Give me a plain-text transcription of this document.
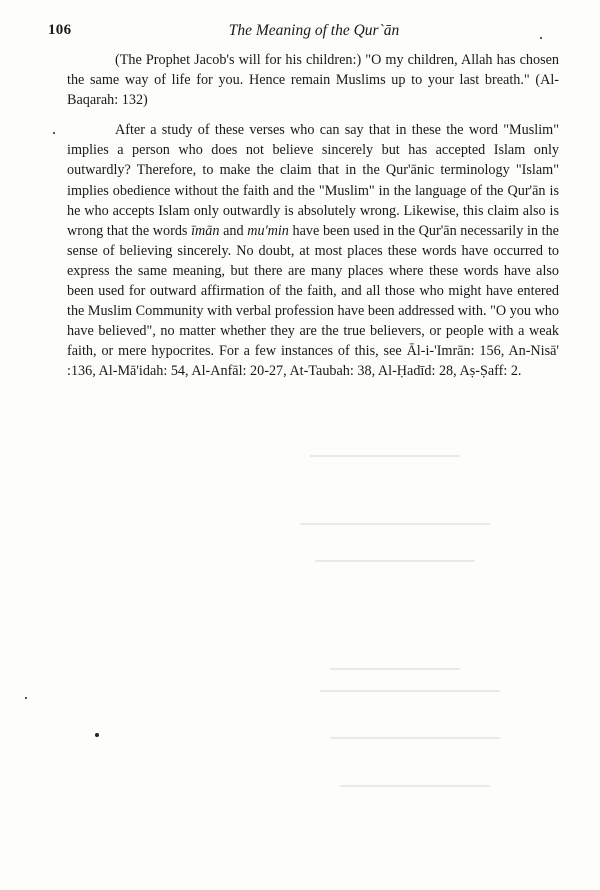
106	The Meaning of the Qur`ān

(The Prophet Jacob's will for his children:) "O my children, Allah has chosen the same way of life for you. Hence remain Muslims up to your last breath." (Al-Baqarah: 132)

After a study of these verses who can say that in these the word "Muslim" implies a person who does not believe sincerely but has accepted Islam only outwardly? Therefore, to make the claim that in the Qur'ānic terminology "Islam" implies obedience without the faith and the "Muslim" in the language of the Qur'ān is he who accepts Islam only outwardly is absolutely wrong. Likewise, this claim also is wrong that the words īmān and mu'min have been used in the Qur'ān necessarily in the sense of believing sincerely. No doubt, at most places these words have occurred to express the same meaning, but there are many places where these words have also been used for outward affirmation of the faith, and all those who might have entered the Muslim Community with verbal profession have been addressed with. "O you who have believed", no matter whether they are the true believers, or people with a weak faith, or mere hypocrites. For a few instances of this, see Āl-i-'Imrān: 156, An-Nisā' :136, Al-Mā'idah: 54, Al-Anfāl: 20-27, At-Taubah: 38, Al-Ḥadīd: 28, Aṣ-Ṣaff: 2.
